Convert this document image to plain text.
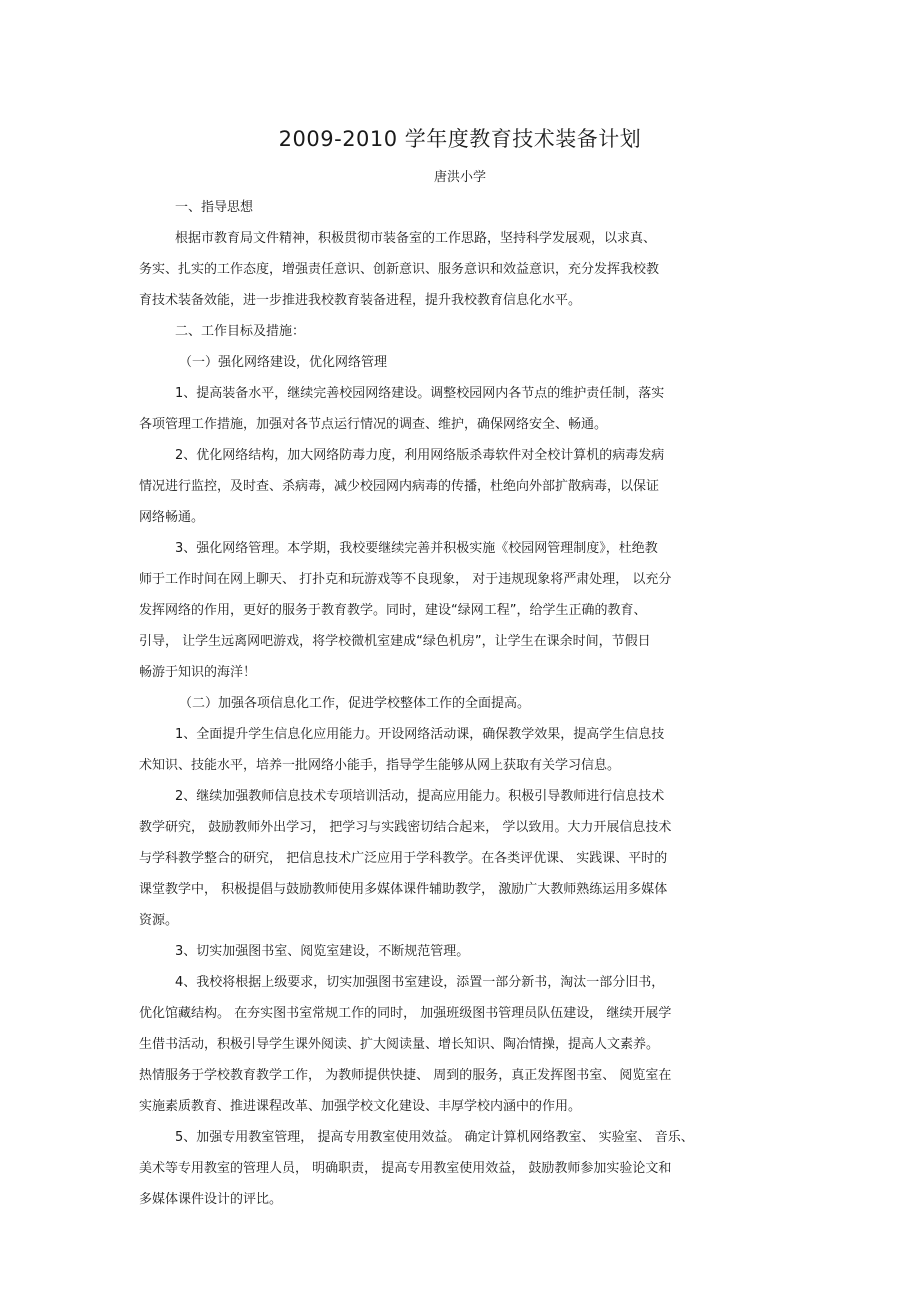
2009-2010 学年度教育技术装备计划
唐洪小学
一、指导思想
根据市教育局文件精神，积极贯彻市装备室的工作思路，坚持科学发展观，以求真、
务实、扎实的工作态度，增强责任意识、创新意识、服务意识和效益意识，充分发挥我校教
育技术装备效能，进一步推进我校教育装备进程，提升我校教育信息化水平。
二、工作目标及措施：
（一）强化网络建设，优化网络管理
1、提高装备水平，继续完善校园网络建设。调整校园网内各节点的维护责任制，落实
各项管理工作措施，加强对各节点运行情况的调查、维护，确保网络安全、畅通。
2、优化网络结构，加大网络防毒力度，利用网络版杀毒软件对全校计算机的病毒发病
情况进行监控，及时查、杀病毒，减少校园网内病毒的传播，杜绝向外部扩散病毒，以保证
网络畅通。
3、强化网络管理。本学期，我校要继续完善并积极实施《校园网管理制度》，杜绝教
师于工作时间在网上聊天、 打扑克和玩游戏等不良现象， 对于违规现象将严肃处理， 以充分
发挥网络的作用，更好的服务于教育教学。同时，建设“绿网工程”，给学生正确的教育、
引导， 让学生远离网吧游戏，将学校微机室建成“绿色机房”，让学生在课余时间，节假日
畅游于知识的海洋！
（二）加强各项信息化工作，促进学校整体工作的全面提高。
1、全面提升学生信息化应用能力。开设网络活动课，确保教学效果，提高学生信息技
术知识、技能水平，培养一批网络小能手，指导学生能够从网上获取有关学习信息。
2、继续加强教师信息技术专项培训活动，提高应用能力。积极引导教师进行信息技术
教学研究， 鼓励教师外出学习， 把学习与实践密切结合起来， 学以致用。大力开展信息技术
与学科教学整合的研究， 把信息技术广泛应用于学科教学。在各类评优课、 实践课、平时的
课堂教学中， 积极提倡与鼓励教师使用多媒体课件辅助教学， 激励广大教师熟练运用多媒体
资源。
3、切实加强图书室、阅览室建设，不断规范管理。
4、我校将根据上级要求，切实加强图书室建设，添置一部分新书，淘汰一部分旧书，
优化馆藏结构。 在夯实图书室常规工作的同时， 加强班级图书管理员队伍建设， 继续开展学
生借书活动，积极引导学生课外阅读、扩大阅读量、增长知识、陶冶情操，提高人文素养。
热情服务于学校教育教学工作， 为教师提供快捷、 周到的服务，真正发挥图书室、 阅览室在
实施素质教育、推进课程改革、加强学校文化建设、丰厚学校内涵中的作用。
5、加强专用教室管理， 提高专用教室使用效益。 确定计算机网络教室、 实验室、 音乐、
美术等专用教室的管理人员， 明确职责， 提高专用教室使用效益， 鼓励教师参加实验论文和
多媒体课件设计的评比。
